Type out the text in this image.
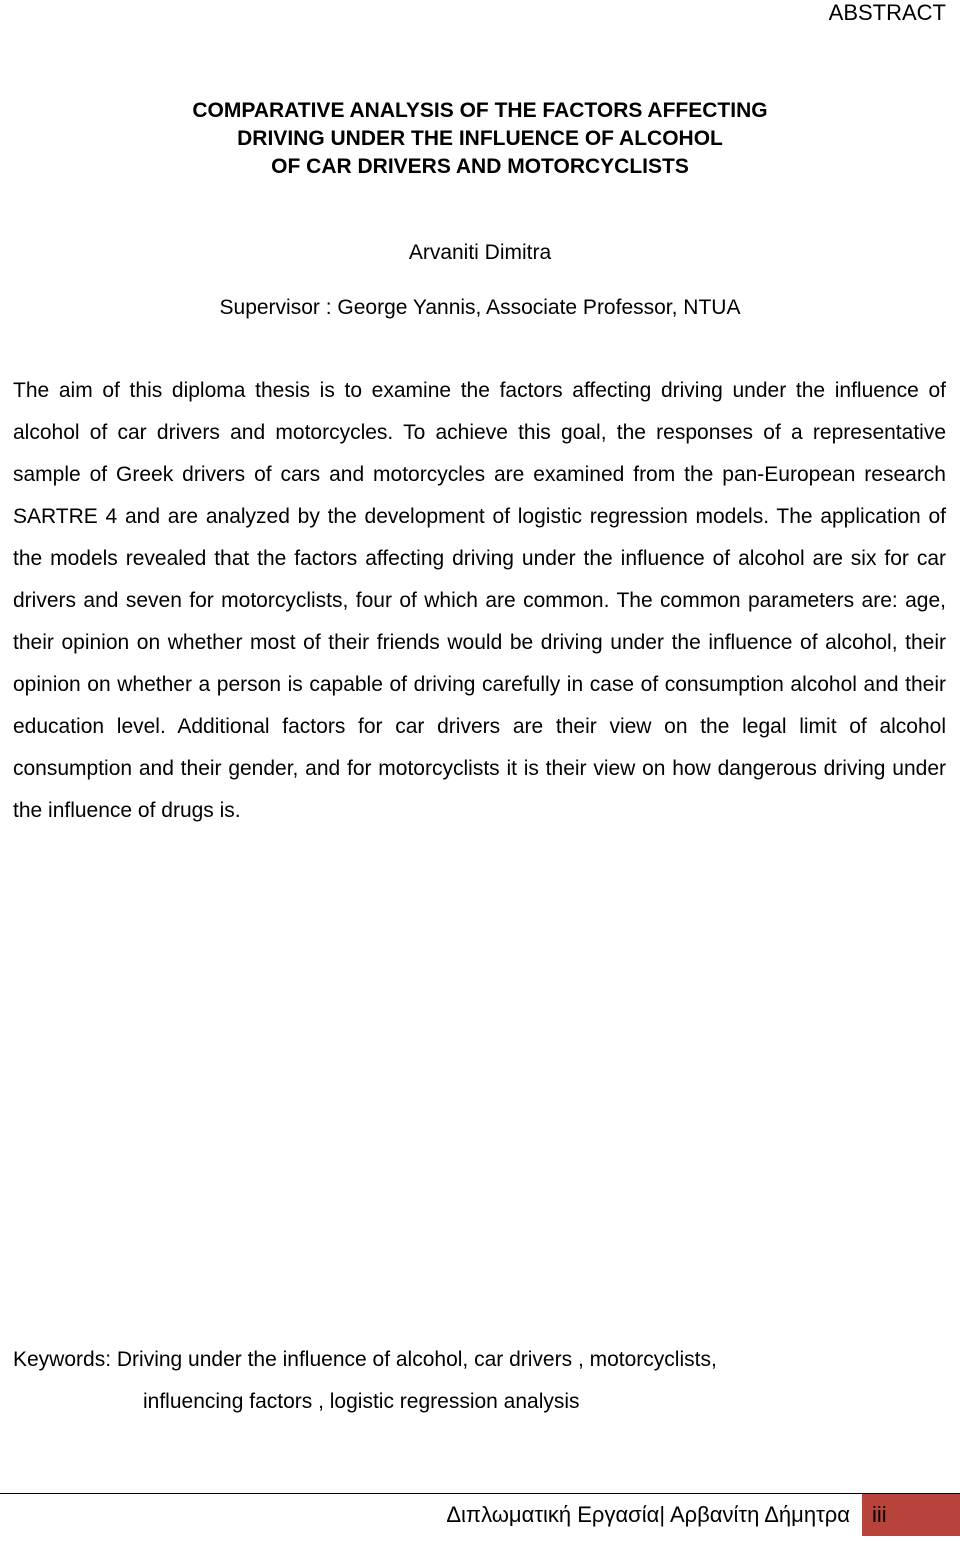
ABSTRACT
COMPARATIVE ANALYSIS OF THE FACTORS AFFECTING
DRIVING UNDER THE INFLUENCE OF ALCOHOL
OF CAR DRIVERS AND MOTORCYCLISTS
Arvaniti Dimitra
Supervisor : George Yannis, Associate Professor, NTUA

The aim of this diploma thesis is to examine the factors affecting driving under the influence of alcohol of car drivers and motorcycles. To achieve this goal, the responses of a representative sample of Greek drivers of cars and motorcycles are examined from the pan-European research SARTRE 4 and are analyzed by the development of logistic regression models. The application of the models revealed that the factors affecting driving under the influence of alcohol are six for car drivers and seven for motorcyclists, four of which are common. The common parameters are: age, their opinion on whether most of their friends would be driving under the influence of alcohol, their opinion on whether a person is capable of driving carefully in case of consumption alcohol and their education level. Additional factors for car drivers are their view on the legal limit of alcohol consumption and their gender, and for motorcyclists it is their view on how dangerous driving under the influence of drugs is.

Keywords: Driving under the influence of alcohol, car drivers , motorcyclists,
influencing factors , logistic regression analysis
Διπλωματική Εργασία| Αρβανίτη Δήμητρα iii
